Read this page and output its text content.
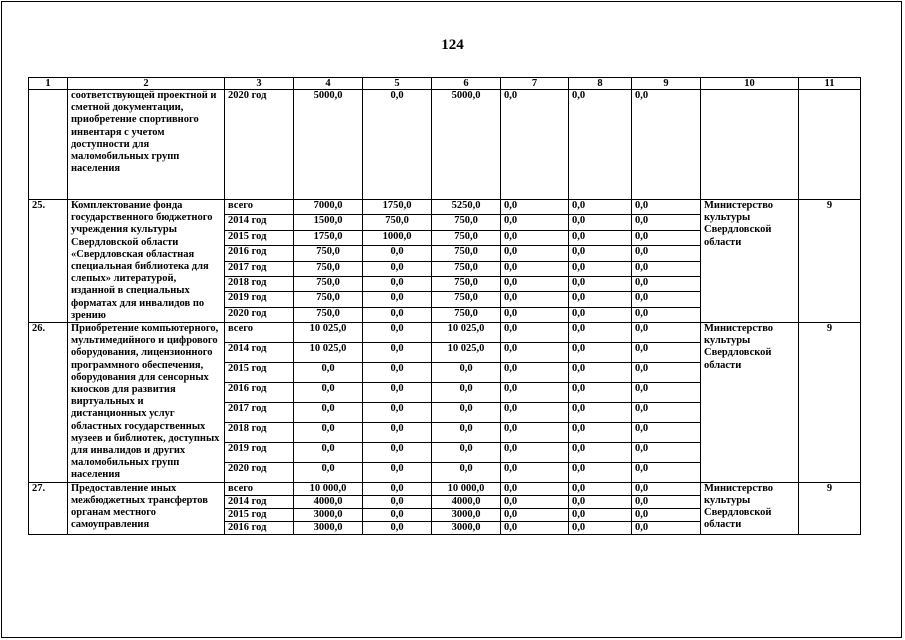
124
1	2	3	4	5	6	7	8	9	10	11
	соответствующей проектной и сметной документации, приобретение спортивного инвентаря с учетом доступности для маломобильных групп населения	2020 год	5000,0	0,0	5000,0	0,0	0,0	0,0		
25.	Комплектование фонда государственного бюджетного учреждения культуры Свердловской области «Свердловская областная специальная библиотека для слепых» литературой, изданной в специальных форматах для инвалидов по зрению	всего	7000,0	1750,0	5250,0	0,0	0,0	0,0	Министерство культуры Свердловской области	9
		2014 год	1500,0	750,0	750,0	0,0	0,0	0,0		
		2015 год	1750,0	1000,0	750,0	0,0	0,0	0,0		
		2016 год	750,0	0,0	750,0	0,0	0,0	0,0		
		2017 год	750,0	0,0	750,0	0,0	0,0	0,0		
		2018 год	750,0	0,0	750,0	0,0	0,0	0,0		
		2019 год	750,0	0,0	750,0	0,0	0,0	0,0		
		2020 год	750,0	0,0	750,0	0,0	0,0	0,0		
26.	Приобретение компьютерного, мультимедийного и цифрового оборудования, лицензионного программного обеспечения, оборудования для сенсорных киосков для развития виртуальных и дистанционных услуг областных государственных музеев и библиотек, доступных для инвалидов и других маломобильных групп населения	всего	10 025,0	0,0	10 025,0	0,0	0,0	0,0	Министерство культуры Свердловской области	9
		2014 год	10 025,0	0,0	10 025,0	0,0	0,0	0,0		
		2015 год	0,0	0,0	0,0	0,0	0,0	0,0		
		2016 год	0,0	0,0	0,0	0,0	0,0	0,0		
		2017 год	0,0	0,0	0,0	0,0	0,0	0,0		
		2018 год	0,0	0,0	0,0	0,0	0,0	0,0		
		2019 год	0,0	0,0	0,0	0,0	0,0	0,0		
		2020 год	0,0	0,0	0,0	0,0	0,0	0,0		
27.	Предоставление иных межбюджетных трансфертов органам местного самоуправления	всего	10 000,0	0,0	10 000,0	0,0	0,0	0,0	Министерство культуры Свердловской области	9
		2014 год	4000,0	0,0	4000,0	0,0	0,0	0,0		
		2015 год	3000,0	0,0	3000,0	0,0	0,0	0,0		
		2016 год	3000,0	0,0	3000,0	0,0	0,0	0,0		
